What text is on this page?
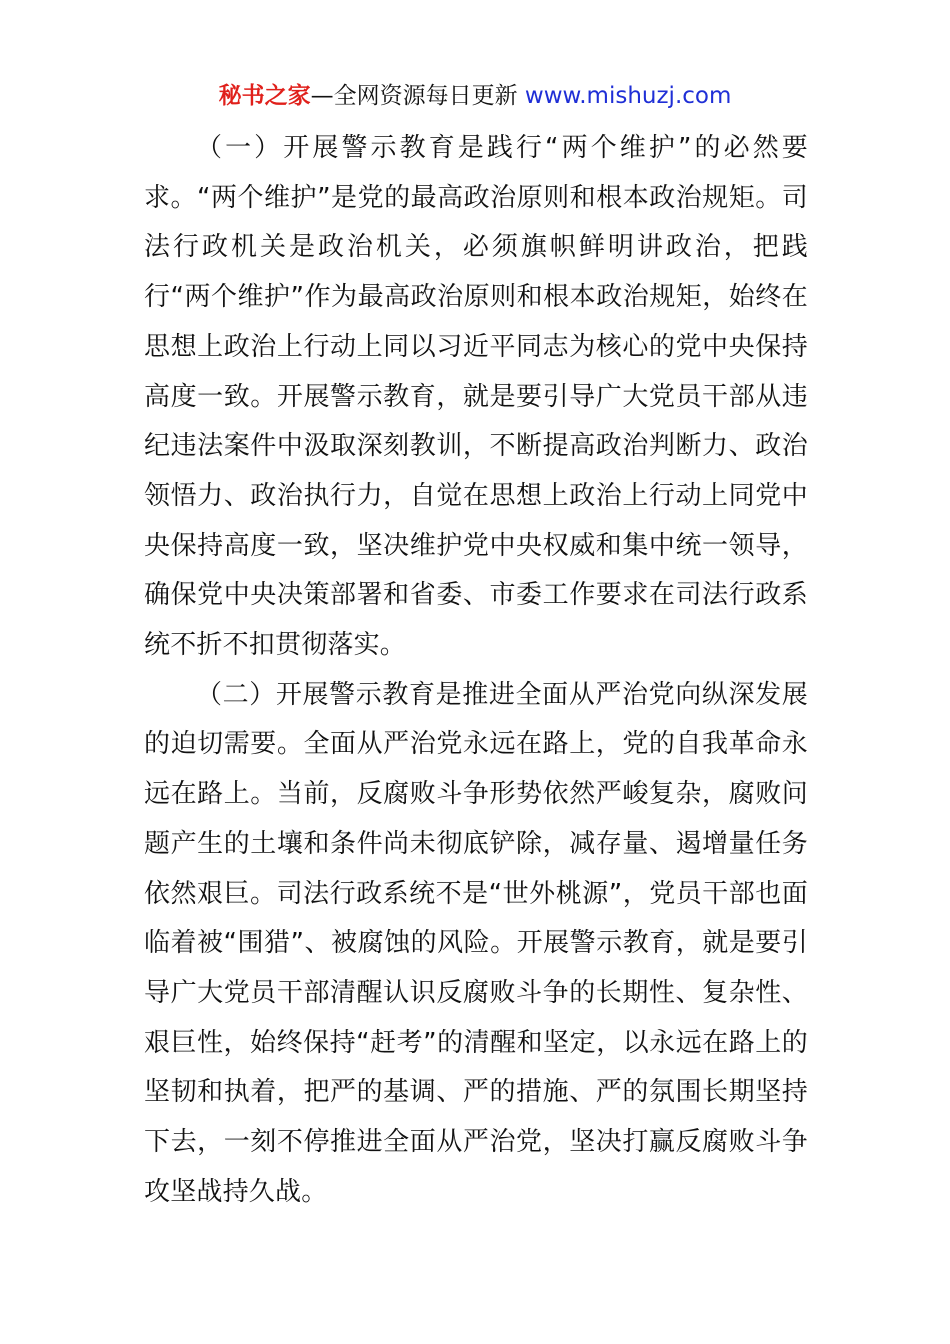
秘书之家—全网资源每日更新 www.mishuzj.com

（一）开展警示教育是践行“两个维护”的必然要求。“两个维护”是党的最高政治原则和根本政治规矩。司法行政机关是政治机关，必须旗帜鲜明讲政治，把践行“两个维护”作为最高政治原则和根本政治规矩，始终在思想上政治上行动上同以习近平同志为核心的党中央保持高度一致。开展警示教育，就是要引导广大党员干部从违纪违法案件中汲取深刻教训，不断提高政治判断力、政治领悟力、政治执行力，自觉在思想上政治上行动上同党中央保持高度一致，坚决维护党中央权威和集中统一领导，确保党中央决策部署和省委、市委工作要求在司法行政系统不折不扣贯彻落实。

（二）开展警示教育是推进全面从严治党向纵深发展的迫切需要。全面从严治党永远在路上，党的自我革命永远在路上。当前，反腐败斗争形势依然严峻复杂，腐败问题产生的土壤和条件尚未彻底铲除，减存量、遏增量任务依然艰巨。司法行政系统不是“世外桃源”，党员干部也面临着被“围猎”、被腐蚀的风险。开展警示教育，就是要引导广大党员干部清醒认识反腐败斗争的长期性、复杂性、艰巨性，始终保持“赶考”的清醒和坚定，以永远在路上的坚韧和执着，把严的基调、严的措施、严的氛围长期坚持下去，一刻不停推进全面从严治党，坚决打赢反腐败斗争攻坚战持久战。
